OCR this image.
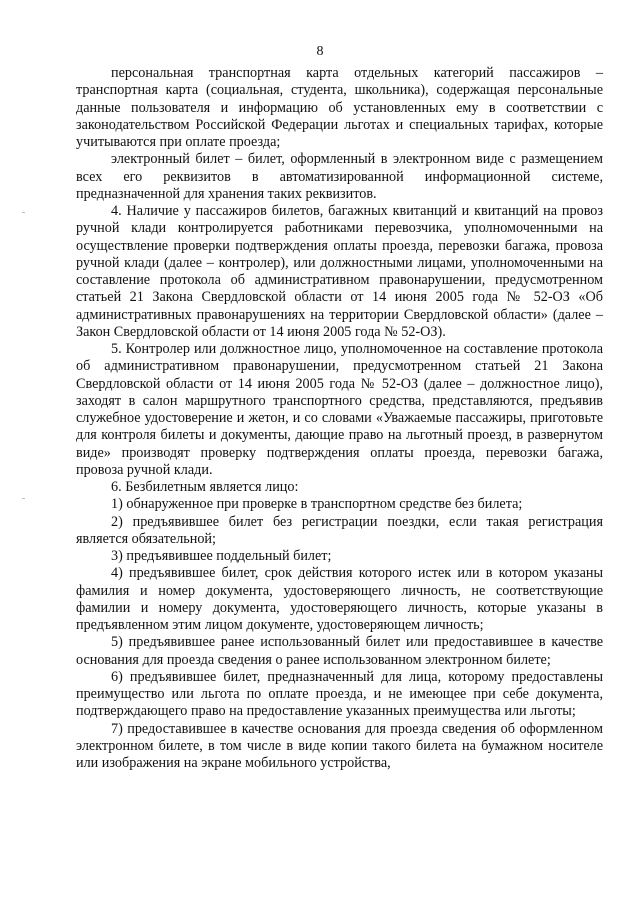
8

персональная транспортная карта отдельных категорий пассажиров – транспортная карта (социальная, студента, школьника), содержащая персональные данные пользователя и информацию об установленных ему в соответствии с законодательством Российской Федерации льготах и специальных тарифах, которые учитываются при оплате проезда;

электронный билет – билет, оформленный в электронном виде с размещением всех его реквизитов в автоматизированной информационной системе, предназначенной для хранения таких реквизитов.

4. Наличие у пассажиров билетов, багажных квитанций и квитанций на провоз ручной клади контролируется работниками перевозчика, уполномоченными на осуществление проверки подтверждения оплаты проезда, перевозки багажа, провоза ручной клади (далее – контролер), или должностными лицами, уполномоченными на составление протокола об административном правонарушении, предусмотренном статьей 21 Закона Свердловской области от 14 июня 2005 года № 52-ОЗ «Об административных правонарушениях на территории Свердловской области» (далее – Закон Свердловской области от 14 июня 2005 года № 52-ОЗ).

5. Контролер или должностное лицо, уполномоченное на составление протокола об административном правонарушении, предусмотренном статьей 21 Закона Свердловской области от 14 июня 2005 года № 52-ОЗ (далее – должностное лицо), заходят в салон маршрутного транспортного средства, представляются, предъявив служебное удостоверение и жетон, и со словами «Уважаемые пассажиры, приготовьте для контроля билеты и документы, дающие право на льготный проезд, в развернутом виде» производят проверку подтверждения оплаты проезда, перевозки багажа, провоза ручной клади.

6. Безбилетным является лицо:

1) обнаруженное при проверке в транспортном средстве без билета;

2) предъявившее билет без регистрации поездки, если такая регистрация является обязательной;

3) предъявившее поддельный билет;

4) предъявившее билет, срок действия которого истек или в котором указаны фамилия и номер документа, удостоверяющего личность, не соответствующие фамилии и номеру документа, удостоверяющего личность, которые указаны в предъявленном этим лицом документе, удостоверяющем личность;

5) предъявившее ранее использованный билет или предоставившее в качестве основания для проезда сведения о ранее использованном электронном билете;

6) предъявившее билет, предназначенный для лица, которому предоставлены преимущество или льгота по оплате проезда, и не имеющее при себе документа, подтверждающего право на предоставление указанных преимущества или льготы;

7) предоставившее в качестве основания для проезда сведения об оформленном электронном билете, в том числе в виде копии такого билета на бумажном носителе или изображения на экране мобильного устройства,
